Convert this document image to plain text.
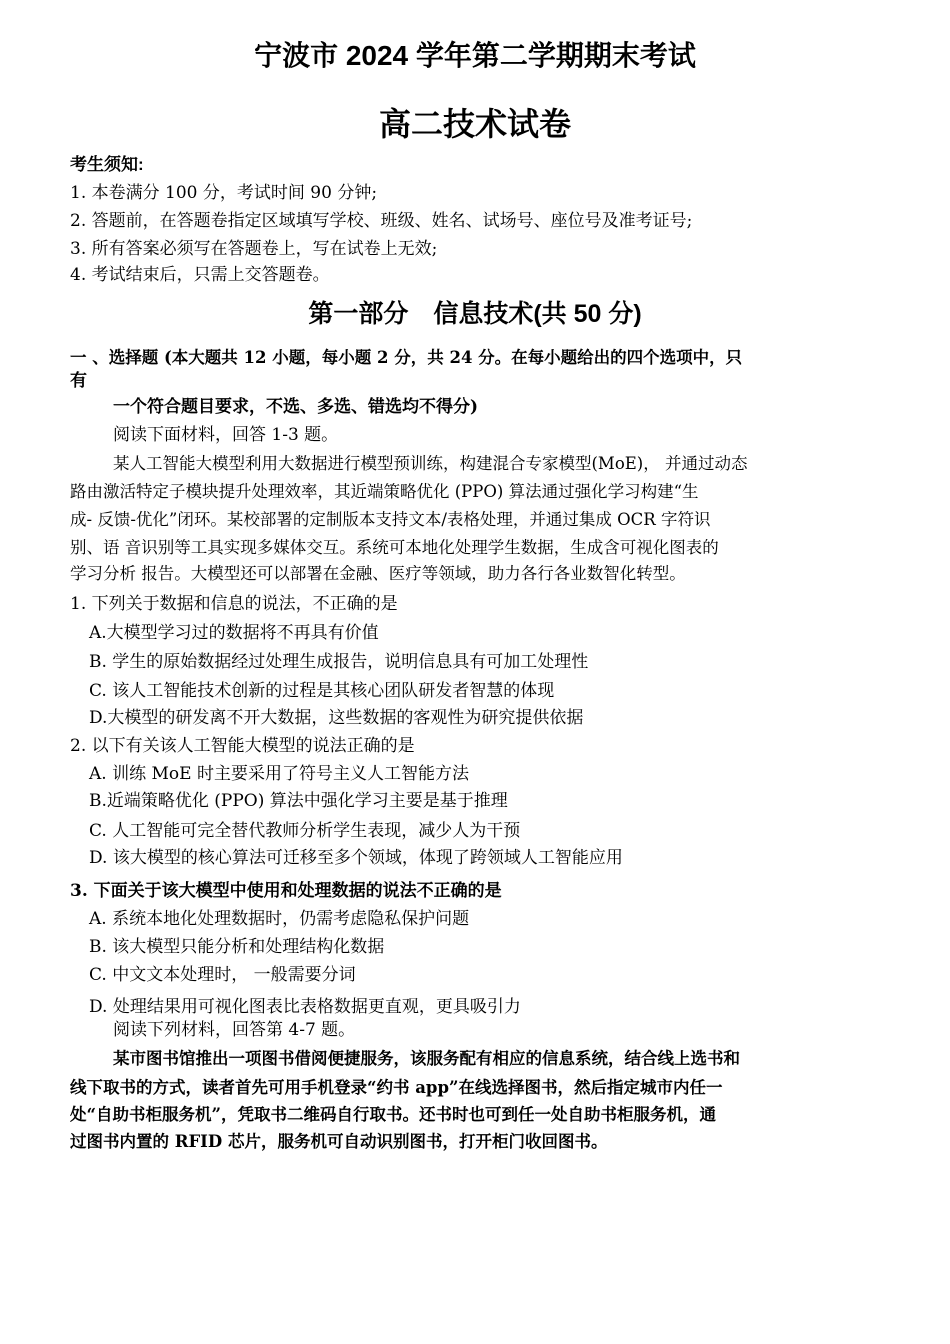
宁波市 2024 学年第二学期期末考试
高二技术试卷

考生须知:

1. 本卷满分 100 分，考试时间 90 分钟;

2. 答题前，在答题卷指定区域填写学校、班级、姓名、试场号、座位号及准考证号;

3. 所有答案必须写在答题卷上，写在试卷上无效;

4. 考试结束后，只需上交答题卷。

第一部分　信息技术(共 50 分)

一 、选择题 (本大题共 12 小题，每小题 2 分，共 24 分。在每小题给出的四个选项中，只

有

一个符合题目要求，不选、多选、错选均不得分)

阅读下面材料，回答 1-3 题。

某人工智能大模型利用大数据进行模型预训练，构建混合专家模型(MoE)， 并通过动态

路由激活特定子模块提升处理效率，其近端策略优化 (PPO) 算法通过强化学习构建“生

成- 反馈-优化”闭环。某校部署的定制版本支持文本/表格处理，并通过集成 OCR 字符识

别、语 音识别等工具实现多媒体交互。系统可本地化处理学生数据，生成含可视化图表的

学习分析 报告。大模型还可以部署在金融、医疗等领域，助力各行各业数智化转型。

1. 下列关于数据和信息的说法，不正确的是

A.大模型学习过的数据将不再具有价值

B. 学生的原始数据经过处理生成报告，说明信息具有可加工处理性

C. 该人工智能技术创新的过程是其核心团队研发者智慧的体现

D.大模型的研发离不开大数据，这些数据的客观性为研究提供依据

2. 以下有关该人工智能大模型的说法正确的是

A. 训练 MoE 时主要采用了符号主义人工智能方法

B.近端策略优化 (PPO) 算法中强化学习主要是基于推理

C. 人工智能可完全替代教师分析学生表现，减少人为干预

D. 该大模型的核心算法可迁移至多个领域，体现了跨领域人工智能应用

3. 下面关于该大模型中使用和处理数据的说法不正确的是

A. 系统本地化处理数据时，仍需考虑隐私保护问题

B. 该大模型只能分析和处理结构化数据

C. 中文文本处理时， 一般需要分词

D. 处理结果用可视化图表比表格数据更直观，更具吸引力

阅读下列材料，回答第 4-7 题。

某市图书馆推出一项图书借阅便捷服务，该服务配有相应的信息系统，结合线上选书和

线下取书的方式，读者首先可用手机登录“约书 app”在线选择图书，然后指定城市内任一

处“自助书柜服务机”，凭取书二维码自行取书。还书时也可到任一处自助书柜服务机，通

过图书内置的 RFID 芯片，服务机可自动识别图书，打开柜门收回图书。
